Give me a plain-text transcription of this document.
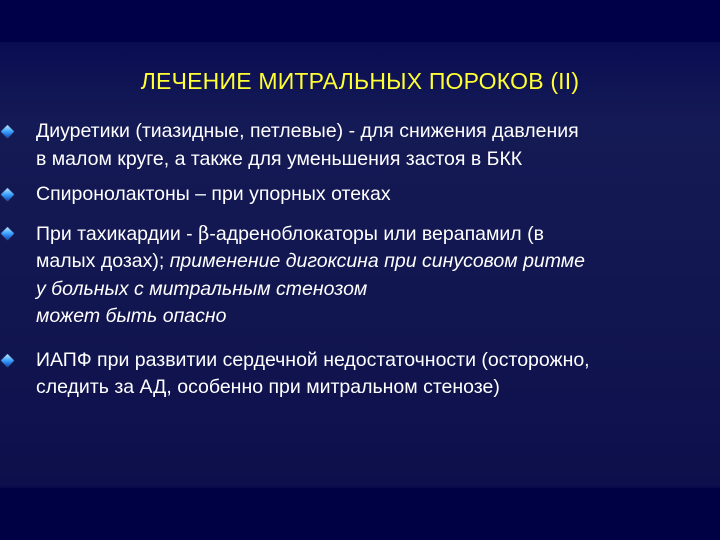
ЛЕЧЕНИЕ МИТРАЛЬНЫХ ПОРОКОВ (II)
Диуретики (тиазидные, петлевые) - для снижения давления
в малом круге, а также для уменьшения застоя в БКК
Спиронолактоны – при упорных отеках
При тахикардии - β-адреноблокаторы или верапамил (в
малых дозах); применение дигоксина при синусовом ритме
у больных с митральным стенозом
может быть опасно
ИАПФ при развитии сердечной недостаточности (осторожно,
следить за АД, особенно при митральном стенозе)
